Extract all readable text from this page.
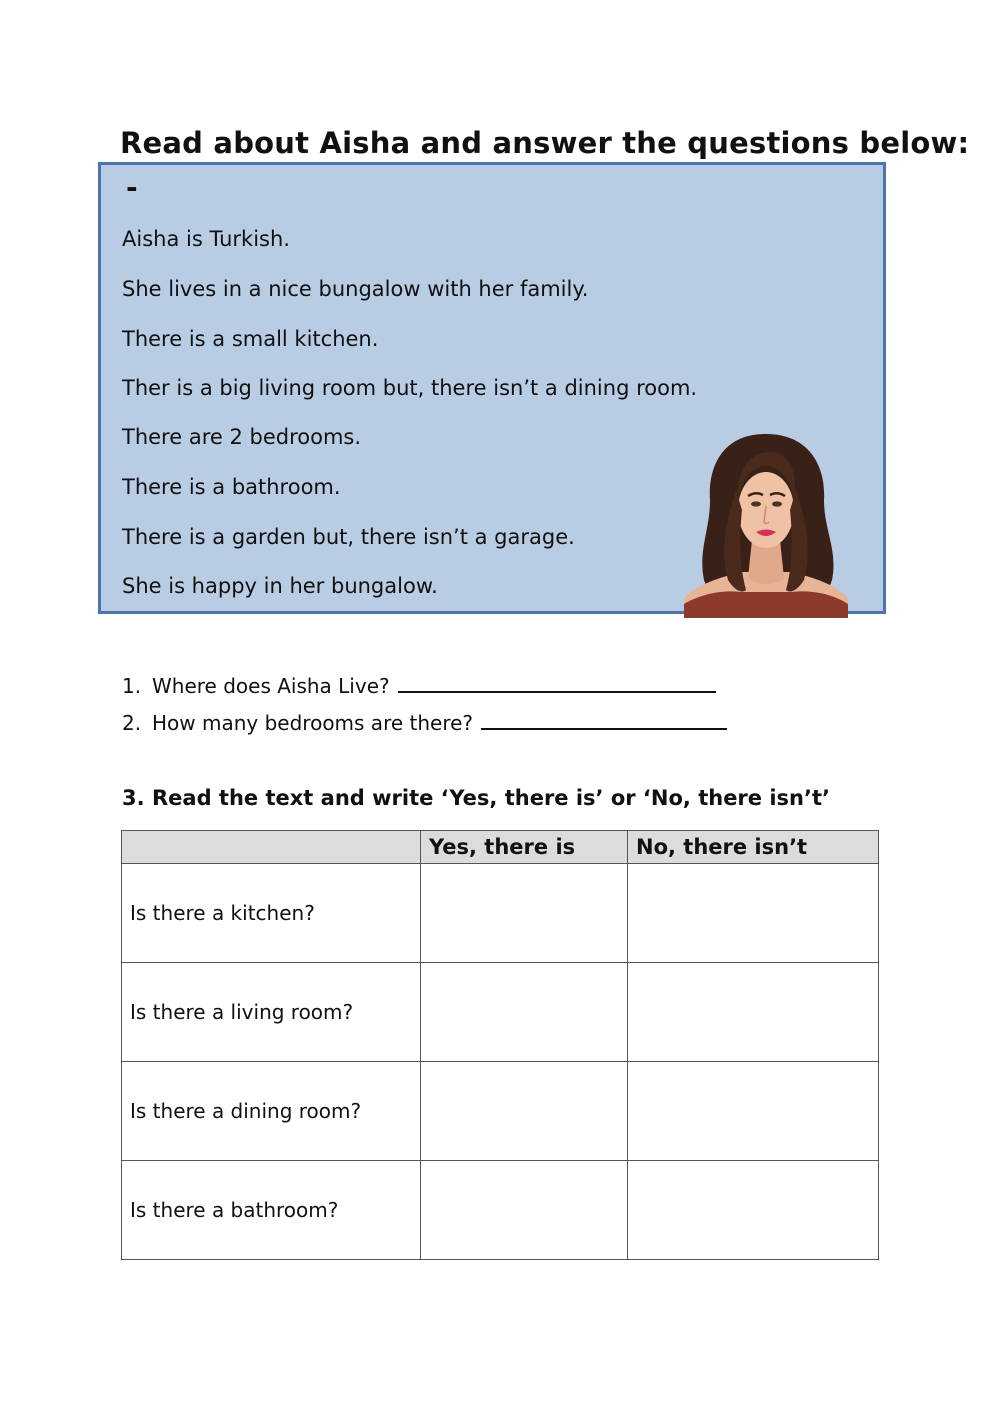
Read about Aisha and answer the questions below:
-
Aisha is Turkish.
She lives in a nice bungalow with her family.
There is a small kitchen.
Ther is a big living room but, there isn’t a dining room.
There are 2 bedrooms.
There is a bathroom.
There is a garden but, there isn’t a garage.
She is happy in her bungalow.
1. Where does Aisha Live?
2. How many bedrooms are there?
3. Read the text and write ‘Yes, there is’ or ‘No, there isn’t’
	Yes, there is	No, there isn’t
Is there a kitchen?		
Is there a living room?		
Is there a dining room?		
Is there a bathroom?		
